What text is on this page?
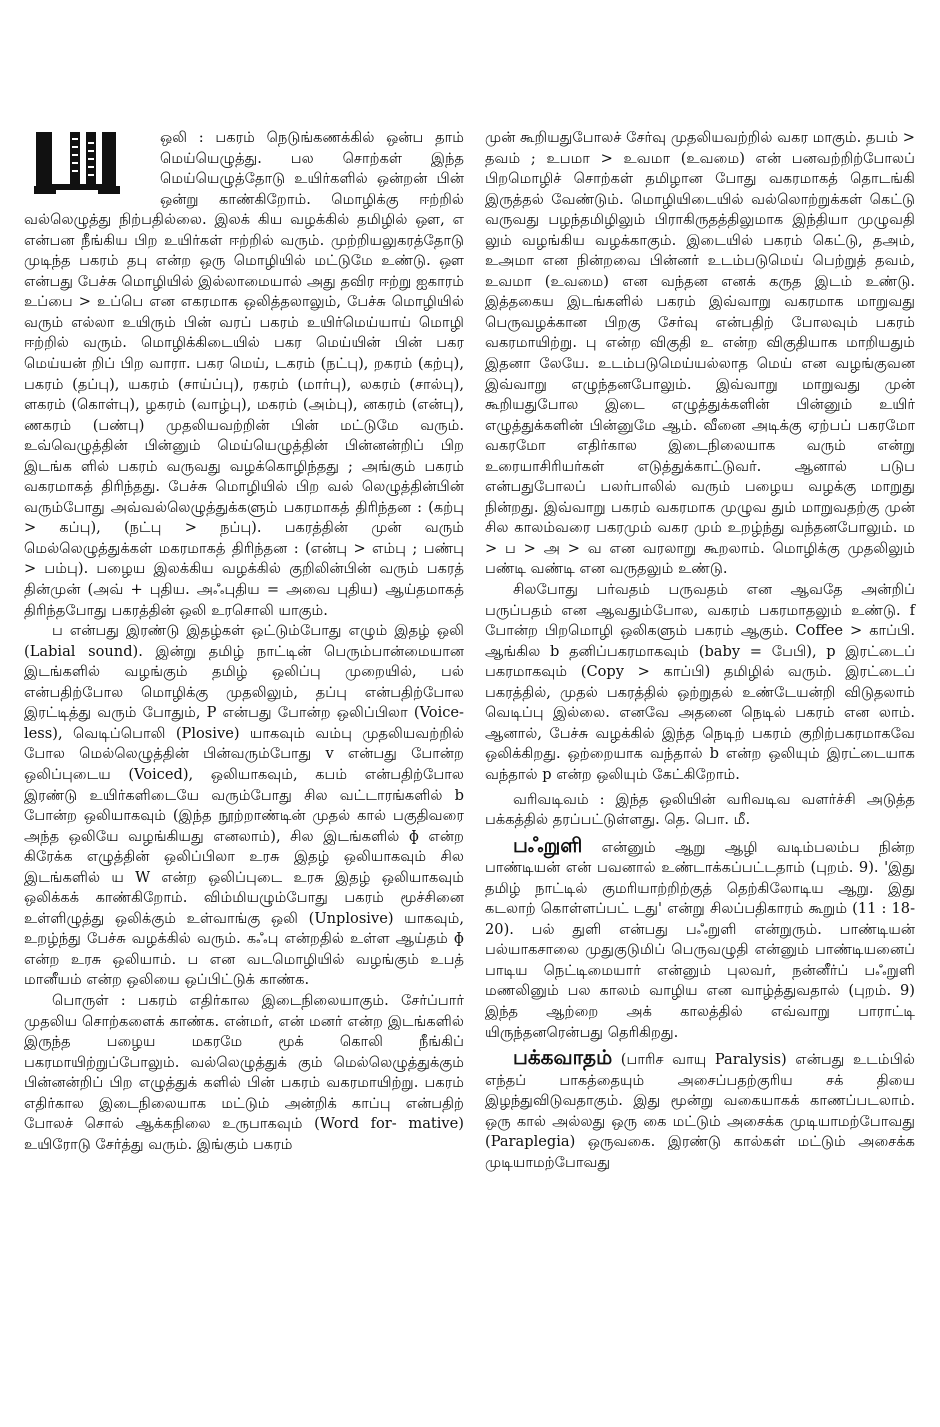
ஒலி : பகரம் நெடுங்கணக்கில் ஒன்ப தாம் மெய்யெழுத்து. பல சொற்கள் இந்த மெய்யெழுத்தோடு உயிர்களில் ஒன்றன் பின் ஒன்று காண்கிறோம். மொழிக்கு ஈற்றில் வல்லெழுத்து நிற்பதில்லை. இலக் கிய வழக்கில் தமிழில் ஔ, எ என்பன நீங்கிய பிற உயிர்கள் ஈற்றில் வரும். முற்றியலுகரத்தோடு முடிந்த பகரம் தபு என்ற ஒரு மொழியில் மட்டுமே உண்டு. ஔ என்பது பேச்சு மொழியில் இல்லாமையால் அது தவிர ஈற்று ஐகாரம் உப்பை > உப்பெ என எகரமாக ஒலித்தலாலும், பேச்சு மொழியில் வரும் எல்லா உயிரும் பின் வரப் பகரம் உயிர்மெய்யாய் மொழி ஈற்றில் வரும். மொழிக்கிடையில் பகர மெய்யின் பின் பகர மெய்யன் றிப் பிற வாரா. பகர மெய், டகரம் (நட்பு), றகரம் (கற்பு), பகரம் (தப்பு), யகரம் (சாய்ப்பு), ரகரம் (மார்பு), லகரம் (சால்பு), ளகரம் (கொள்பு), ழகரம் (வாழ்பு), மகரம் (அம்பு), னகரம் (என்பு), ணகரம் (பண்பு) முதலியவற்றின் பின் மட்டுமே வரும். உவ்வெழுத்தின் பின்னும் மெய்யெழுத்தின் பின்னன்றிப் பிற இடங்க ளில் பகரம் வருவது வழக்கொழிந்தது ; அங்கும் பகரம் வகரமாகத் திரிந்தது. பேச்சு மொழியில் பிற வல் லெழுத்தின்பின் வரும்போது அவ்வல்லெழுத்துக்களும் பகரமாகத் திரிந்தன : (கற்பு > கப்பு), (நட்பு > நப்பு). பகரத்தின் முன் வரும் மெல்லெழுத்துக்கள் மகரமாகத் திரிந்தன : (என்பு > எம்பு ; பண்பு > பம்பு). பழைய இலக்கிய வழக்கில் குறிலின்பின் வரும் பகரத் தின்முன் (அவ் + புதிய. அஃபுதிய = அவை புதிய) ஆய்தமாகத் திரிந்தபோது பகரத்தின் ஒலி உரசொலி யாகும்.

ப என்பது இரண்டு இதழ்கள் ஒட்டும்போது எழும் இதழ் ஒலி (Labial sound). இன்று தமிழ் நாட்டின் பெரும்பான்மையான இடங்களில் வழங்கும் தமிழ் ஒலிப்பு முறையில், பல் என்பதிற்போல மொழிக்கு முதலிலும், தப்பு என்பதிற்போல இரட்டித்து வரும் போதும், P என்பது போன்ற ஒலிப்பிலா (Voice-less), வெடிப்பொலி (Plosive) யாகவும் வம்பு முதலியவற்றில் போல மெல்லெழுத்தின் பின்வரும்போது v என்பது போன்ற ஒலிப்புடைய (Voiced), ஒலியாகவும், கபம் என்பதிற்போல இரண்டு உயிர்களிடையே வரும்போது சில வட்டாரங்களில் b போன்ற ஒலியாகவும் (இந்த நூற்றாண்டின் முதல் கால் பகுதிவரை அந்த ஒலியே வழங்கியது எனலாம்), சில இடங்களில் ɸ என்ற கிரேக்க எழுத்தின் ஒலிப்பிலா உரசு இதழ் ஒலியாகவும் சில இடங்களில் ய W என்ற ஒலிப்புடை உரசு இதழ் ஒலியாகவும் ஒலிக்கக் காண்கிறோம். விம்மியழும்போது பகரம் மூச்சினை உள்ளிழுத்து ஒலிக்கும் உள்வாங்கு ஒலி (Unplosive) யாகவும், உறழ்ந்து பேச்சு வழக்கில் வரும். கஃபு என்றதில் உள்ள ஆய்தம் ɸ என்ற உரசு ஒலியாம். ப என வடமொழியில் வழங்கும் உபத் மானீயம் என்ற ஒலியை ஒப்பிட்டுக் காண்க.

பொருள் : பகரம் எதிர்கால இடைநிலையாகும். சேர்ப்பார் முதலிய சொற்களைக் காண்க. என்மர், என் மனர் என்ற இடங்களில் இருந்த பழைய மகரமே மூக் கொலி நீங்கிப் பகரமாயிற்றுப்போலும். வல்லெழுத்துக் கும் மெல்லெழுத்துக்கும் பின்னன்றிப் பிற எழுத்துக் களில் பின் பகரம் வகரமாயிற்று. பகரம் எதிர்கால இடைநிலையாக மட்டும் அன்றிக் காப்பு என்பதிற் போலச் சொல் ஆக்கநிலை உருபாகவும் (Word for- mative) உயிரோடு சேர்த்து வரும். இங்கும் பகரம்

முன் கூறியதுபோலச் சேர்வு முதலியவற்றில் வகர மாகும். தபம் > தவம் ; உபமா > உவமா (உவமை) என் பனவற்றிற்போலப் பிறமொழிச் சொற்கள் தமிழான போது வகரமாகத் தொடங்கி இருத்தல் வேண்டும். மொழியிடையில் வல்லொற்றுக்கள் கெட்டு வருவது பழந்தமிழிலும் பிராகிருதத்திலுமாக இந்தியா முழுவதி லும் வழங்கிய வழக்காகும். இடையில் பகரம் கெட்டு, தஅம், உஅமா என நின்றவை பின்னர் உடம்படுமெய் பெற்றுத் தவம், உவமா (உவமை) என வந்தன எனக் கருத இடம் உண்டு. இத்தகைய இடங்களில் பகரம் இவ்வாறு வகரமாக மாறுவது பெருவழக்கான பிறகு சேர்வு என்பதிற் போலவும் பகரம் வகரமாயிற்று. பு என்ற விகுதி உ என்ற விகுதியாக மாறியதும் இதனா லேயே. உடம்படுமெய்யல்லாத மெய் என வழங்குவன இவ்வாறு எழுந்தனபோலும். இவ்வாறு மாறுவது முன் கூறியதுபோல இடை எழுத்துக்களின் பின்னும் உயிர் எழுத்துக்களின் பின்னுமே ஆம். வீனை அடிக்கு ஏற்பப் பகரமோ வகரமோ எதிர்கால இடைநிலையாக வரும் என்று உரையாசிரியர்கள் எடுத்துக்காட்டுவர். ஆனால் படுப என்பதுபோலப் பலர்பாலில் வரும் பழைய வழக்கு மாறுது நின்றது. இவ்வாறு பகரம் வகரமாக முழுவ தும் மாறுவதற்கு முன் சில காலம்வரை பகரமும் வகர மும் உறழ்ந்து வந்தனபோலும். ம > ப > அ > வ என வரலாறு கூறலாம். மொழிக்கு முதலிலும் பண்டி வண்டி என வருதலும் உண்டு.

சிலபோது பர்வதம் பருவதம் என ஆவதே அன்றிப் பருப்பதம் என ஆவதும்போல, வகரம் பகரமாதலும் உண்டு. f போன்ற பிறமொழி ஒலிகளும் பகரம் ஆகும். Coffee > காப்பி. ஆங்கில b தனிப்பகரமாகவும் (baby = பேபி), p இரட்டைப் பகரமாகவும் (Copy > காப்பி) தமிழில் வரும். இரட்டைப் பகரத்தில், முதல் பகரத்தில் ஒற்றுதல் உண்டேயன்றி விடுதலாம் வெடிப்பு இல்லை. எனவே அதனை நெடில் பகரம் என லாம். ஆனால், பேச்சு வழக்கில் இந்த நெடிற் பகரம் குறிற்பகரமாகவே ஒலிக்கிறது. ஒற்றையாக வந்தால் b என்ற ஒலியும் இரட்டையாக வந்தால் p என்ற ஒலியும் கேட்கிறோம்.

வரிவடிவம் : இந்த ஒலியின் வரிவடிவ வளர்ச்சி அடுத்த பக்கத்தில் தரப்பட்டுள்ளது. தெ. பொ. மீ.

பஃறுளி என்னும் ஆறு ஆழி வடிம்பலம்ப நின்ற பாண்டியன் என் பவனால் உண்டாக்கப்பட்டதாம் (புறம். 9). 'இது தமிழ் நாட்டில் குமரியாற்றிற்குத் தெற்கிலோடிய ஆறு. இது கடலாற் கொள்ளப்பட் டது' என்று சிலப்பதிகாரம் கூறும் (11 : 18-20). பல் துளி என்பது பஃறுளி என்றுரும். பாண்டியன் பல்யாகசாலை முதுகுடுமிப் பெருவழுதி என்னும் பாண்டியனைப் பாடிய நெட்டிமையார் என்னும் புலவர், நன்னீர்ப் பஃறுளி மணலினும் பல காலம் வாழிய என வாழ்த்துவதால் (புறம். 9) இந்த ஆற்றை அக் காலத்தில் எவ்வாறு பாராட்டி யிருந்தனரென்பது தெரிகிறது.

பக்கவாதம் (பாரிச வாயு Paralysis) என்பது உடம்பில் எந்தப் பாகத்தையும் அசைப்பதற்குரிய சக் தியை இழந்துவிடுவதாகும். இது மூன்று வகையாகக் காணப்படலாம். ஒரு கால் அல்லது ஒரு கை மட்டும் அசைக்க முடியாமற்போவது (Paraplegia) ஒருவகை. இரண்டு கால்கள் மட்டும் அசைக்க முடியாமற்போவது
